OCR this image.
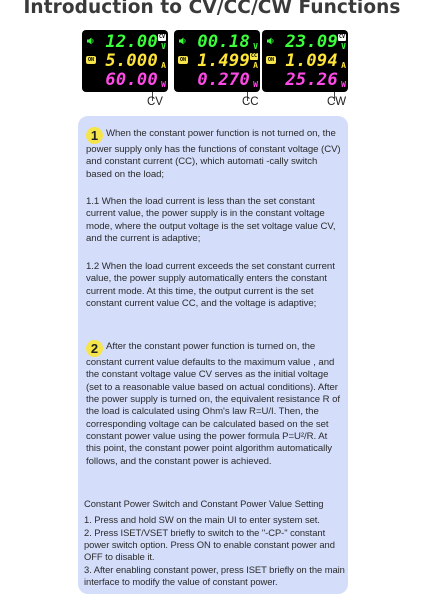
Introduction to CV/CC/CW Functions
12.00 CV
V
ON 5.000 A
60.00 W
00.18 V
ON 1.499 CC
A
0.270 W
23.09 CV
V
ON 1.094 A
25.26 W
CV	CC	CW

1 When the constant power function is not turned on, the power supply only has the functions of constant voltage (CV) and constant current (CC), which automati -cally switch based on the load;

1.1 When the load current is less than the set constant current value, the power supply is in the constant voltage mode, where the output voltage is the set voltage value CV, and the current is adaptive;

1.2 When the load current exceeds the set constant current value, the power supply automatically enters the constant current mode. At this time, the output current is the set constant current value CC, and the voltage is adaptive;

2 After the constant power function is turned on, the constant current value defaults to the maximum value , and the constant voltage value CV serves as the initial voltage (set to a reasonable value based on actual conditions). After the power supply is turned on, the equivalent resistance R of the load is calculated using Ohm's law R=U/I. Then, the corresponding voltage can be calculated based on the set constant power value using the power formula P=U²/R. At this point, the constant power point algorithm automatically follows, and the constant power is achieved.

Constant Power Switch and Constant Power Value Setting

1. Press and hold SW on the main UI to enter system set.

2. Press ISET/VSET briefly to switch to the "-CP-" constant power switch option. Press ON to enable constant power and OFF to disable it.

3. After enabling constant power, press ISET briefly on the main interface to modify the value of constant power.
